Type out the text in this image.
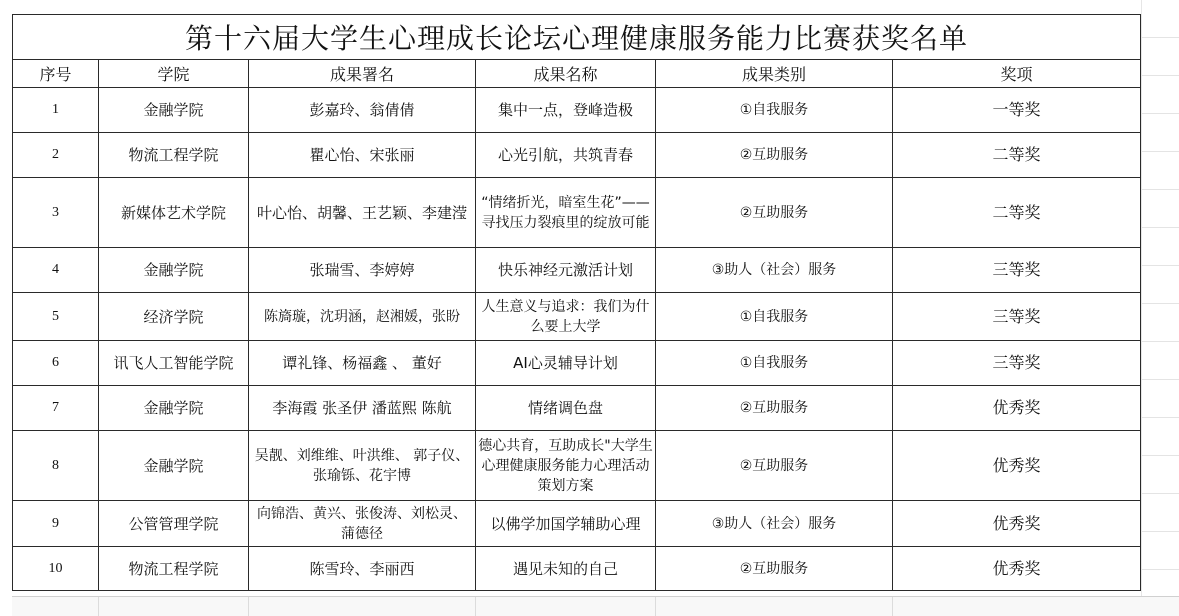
第十六届大学生心理成长论坛心理健康服务能力比赛获奖名单					
序号	学院	成果署名	成果名称	成果类别	奖项
1	金融学院	彭嘉玲、翁倩倩	集中一点，登峰造极	①自我服务	一等奖
2	物流工程学院	瞿心怡、宋张丽	心光引航，共筑青春	②互助服务	二等奖
3	新媒体艺术学院	叶心怡、胡馨、王艺颖、李建滢	“情绪折光，暗室生花”——寻找压力裂痕里的绽放可能	②互助服务	二等奖
4	金融学院	张瑞雪、李婷婷	快乐神经元激活计划	③助人（社会）服务	三等奖
5	经济学院	陈旖璇，沈玥涵，赵湘媛，张盼	人生意义与追求：我们为什么要上大学	①自我服务	三等奖
6	讯飞人工智能学院	谭礼锋、杨福鑫 、 董好	AI心灵辅导计划	①自我服务	三等奖
7	金融学院	李海霞 张圣伊 潘蓝熙 陈航	情绪调色盘	②互助服务	优秀奖
8	金融学院	吴靓、刘维维、叶洪维、 郭子仪、张瑜铄、花宇博	德心共育，互助成长"大学生心理健康服务能力心理活动策划方案	②互助服务	优秀奖
9	公管管理学院	向锦浩、黄兴、张俊涛、刘松灵、蒲德径	以佛学加国学辅助心理	③助人（社会）服务	优秀奖
10	物流工程学院	陈雪玲、李丽西	遇见未知的自己	②互助服务	优秀奖
